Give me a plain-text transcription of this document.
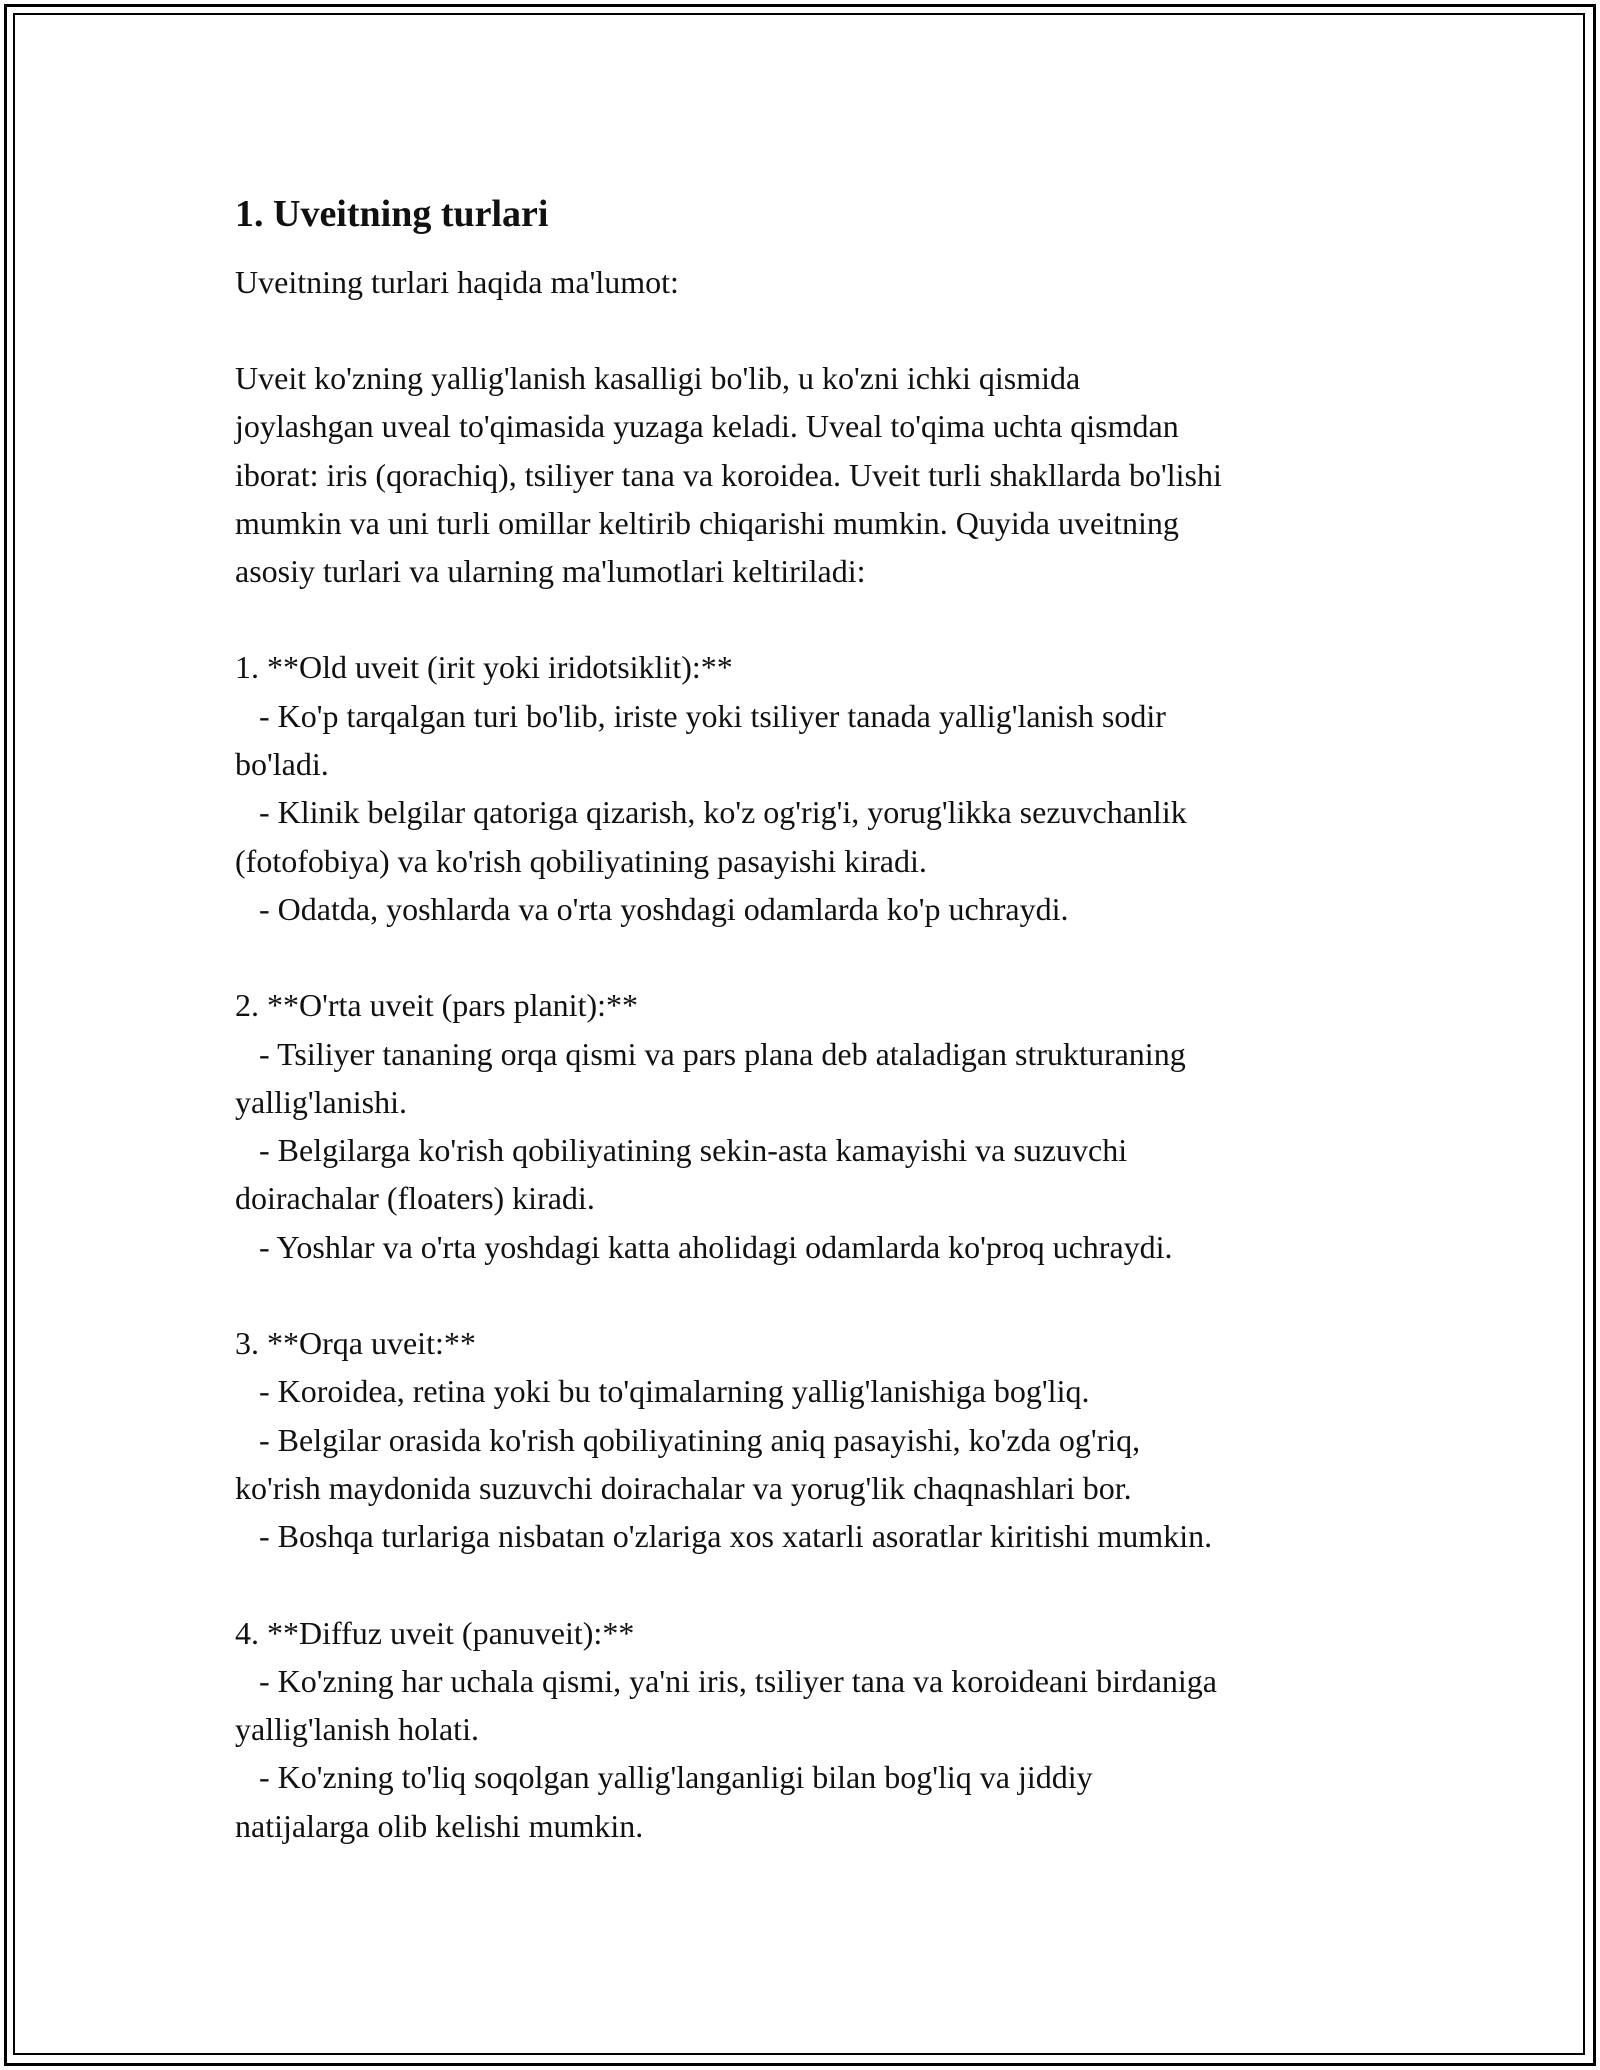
1. Uveitning turlari

Uveitning turlari haqida ma'lumot:

Uveit ko'zning yallig'lanish kasalligi bo'lib, u ko'zni ichki qismida
joylashgan uveal to'qimasida yuzaga keladi. Uveal to'qima uchta qismdan
iborat: iris (qorachiq), tsiliyer tana va koroidea. Uveit turli shakllarda bo'lishi
mumkin va uni turli omillar keltirib chiqarishi mumkin. Quyida uveitning
asosiy turlari va ularning ma'lumotlari keltiriladi:

1. **Old uveit (irit yoki iridotsiklit):**
- Ko'p tarqalgan turi bo'lib, iriste yoki tsiliyer tanada yallig'lanish sodir
bo'ladi.
- Klinik belgilar qatoriga qizarish, ko'z og'rig'i, yorug'likka sezuvchanlik
(fotofobiya) va ko'rish qobiliyatining pasayishi kiradi.
- Odatda, yoshlarda va o'rta yoshdagi odamlarda ko'p uchraydi.

2. **O'rta uveit (pars planit):**
- Tsiliyer tananing orqa qismi va pars plana deb ataladigan strukturaning
yallig'lanishi.
- Belgilarga ko'rish qobiliyatining sekin-asta kamayishi va suzuvchi
doirachalar (floaters) kiradi.
- Yoshlar va o'rta yoshdagi katta aholidagi odamlarda ko'proq uchraydi.

3. **Orqa uveit:**
- Koroidea, retina yoki bu to'qimalarning yallig'lanishiga bog'liq.
- Belgilar orasida ko'rish qobiliyatining aniq pasayishi, ko'zda og'riq,
ko'rish maydonida suzuvchi doirachalar va yorug'lik chaqnashlari bor.
- Boshqa turlariga nisbatan o'zlariga xos xatarli asoratlar kiritishi mumkin.

4. **Diffuz uveit (panuveit):**
- Ko'zning har uchala qismi, ya'ni iris, tsiliyer tana va koroideani birdaniga
yallig'lanish holati.
- Ko'zning to'liq soqolgan yallig'langanligi bilan bog'liq va jiddiy
natijalarga olib kelishi mumkin.
